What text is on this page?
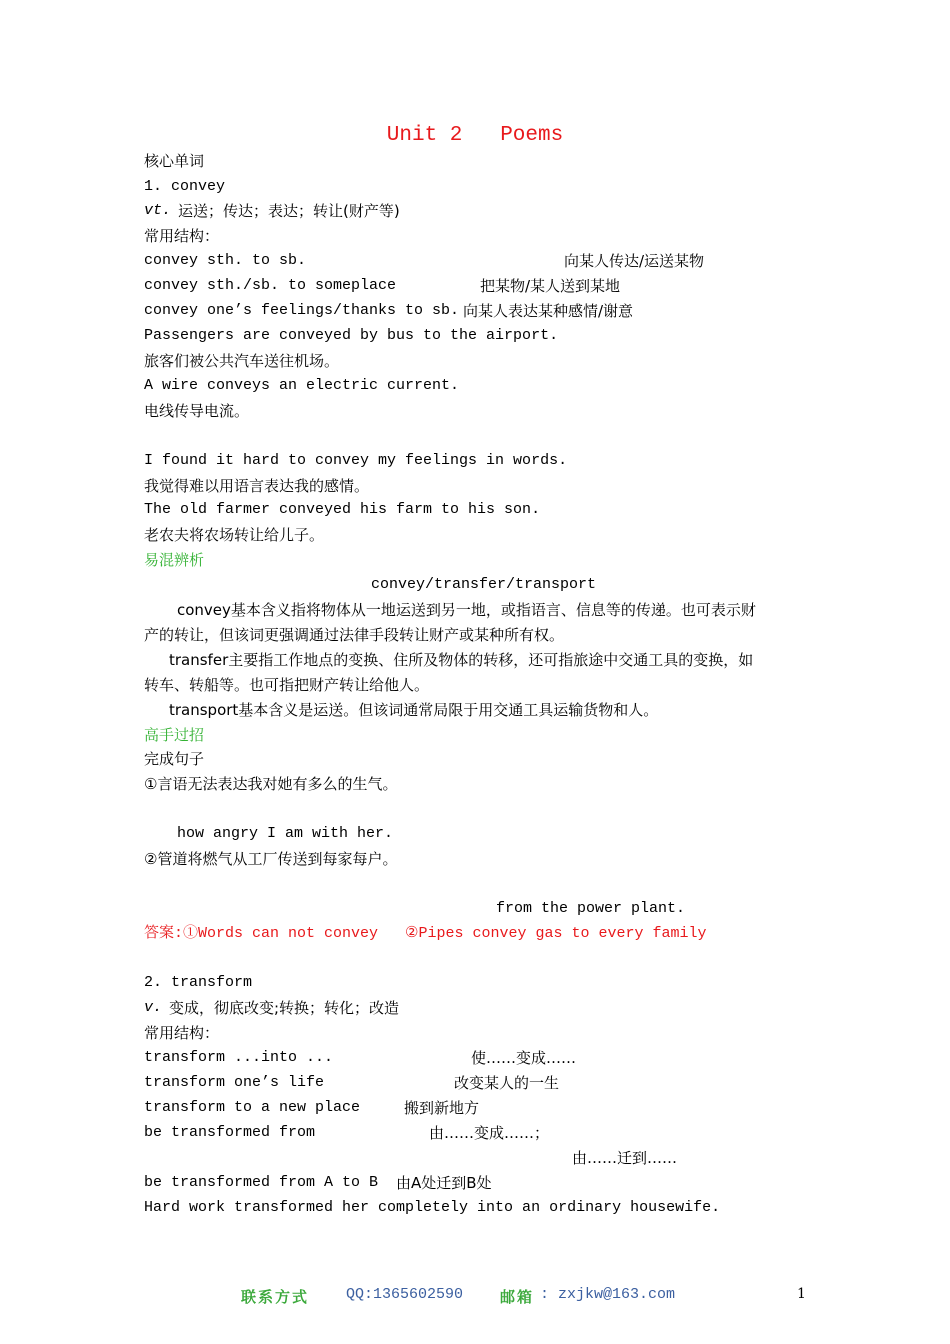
Unit 2   Poems
核心单词
1. convey
vt. 运送；传达；表达；转让(财产等)
常用结构：
convey sth. to sb.	向某人传达/运送某物
convey sth./sb. to someplace	把某物/某人送到某地
convey one’s feelings/thanks to sb. 向某人表达某种感情/谢意
Passengers are conveyed by bus to the airport.
旅客们被公共汽车送往机场。
A wire conveys an electric current.
电线传导电流。
I found it hard to convey my feelings in words.
我觉得难以用语言表达我的感情。
The old farmer conveyed his farm to his son.
老农夫将农场转让给儿子。
易混辨析
convey/transfer/transport
convey基本含义指将物体从一地运送到另一地，或指语言、信息等的传递。也可表示财
产的转让，但该词更强调通过法律手段转让财产或某种所有权。
transfer主要指工作地点的变换、住所及物体的转移，还可指旅途中交通工具的变换，如
转车、转船等。也可指把财产转让给他人。
transport基本含义是运送。但该词通常局限于用交通工具运输货物和人。
高手过招
完成句子
①言语无法表达我对她有多么的生气。
how angry I am with her.
②管道将燃气从工厂传送到每家每户。
from the power plant.
答案:①Words can not convey   ②Pipes convey gas to every family
2. transform
v. 变成，彻底改变;转换；转化；改造
常用结构：
transform ...into ...	使……变成……
transform one’s life	改变某人的一生
transform to a new place	搬到新地方
be transformed from	由……变成……；
由……迁到……
be transformed from A to B 由A处迁到B处
Hard work transformed her completely into an ordinary housewife.
联系方式 QQ:1365602590 邮箱 : zxjkw@163.com	1
